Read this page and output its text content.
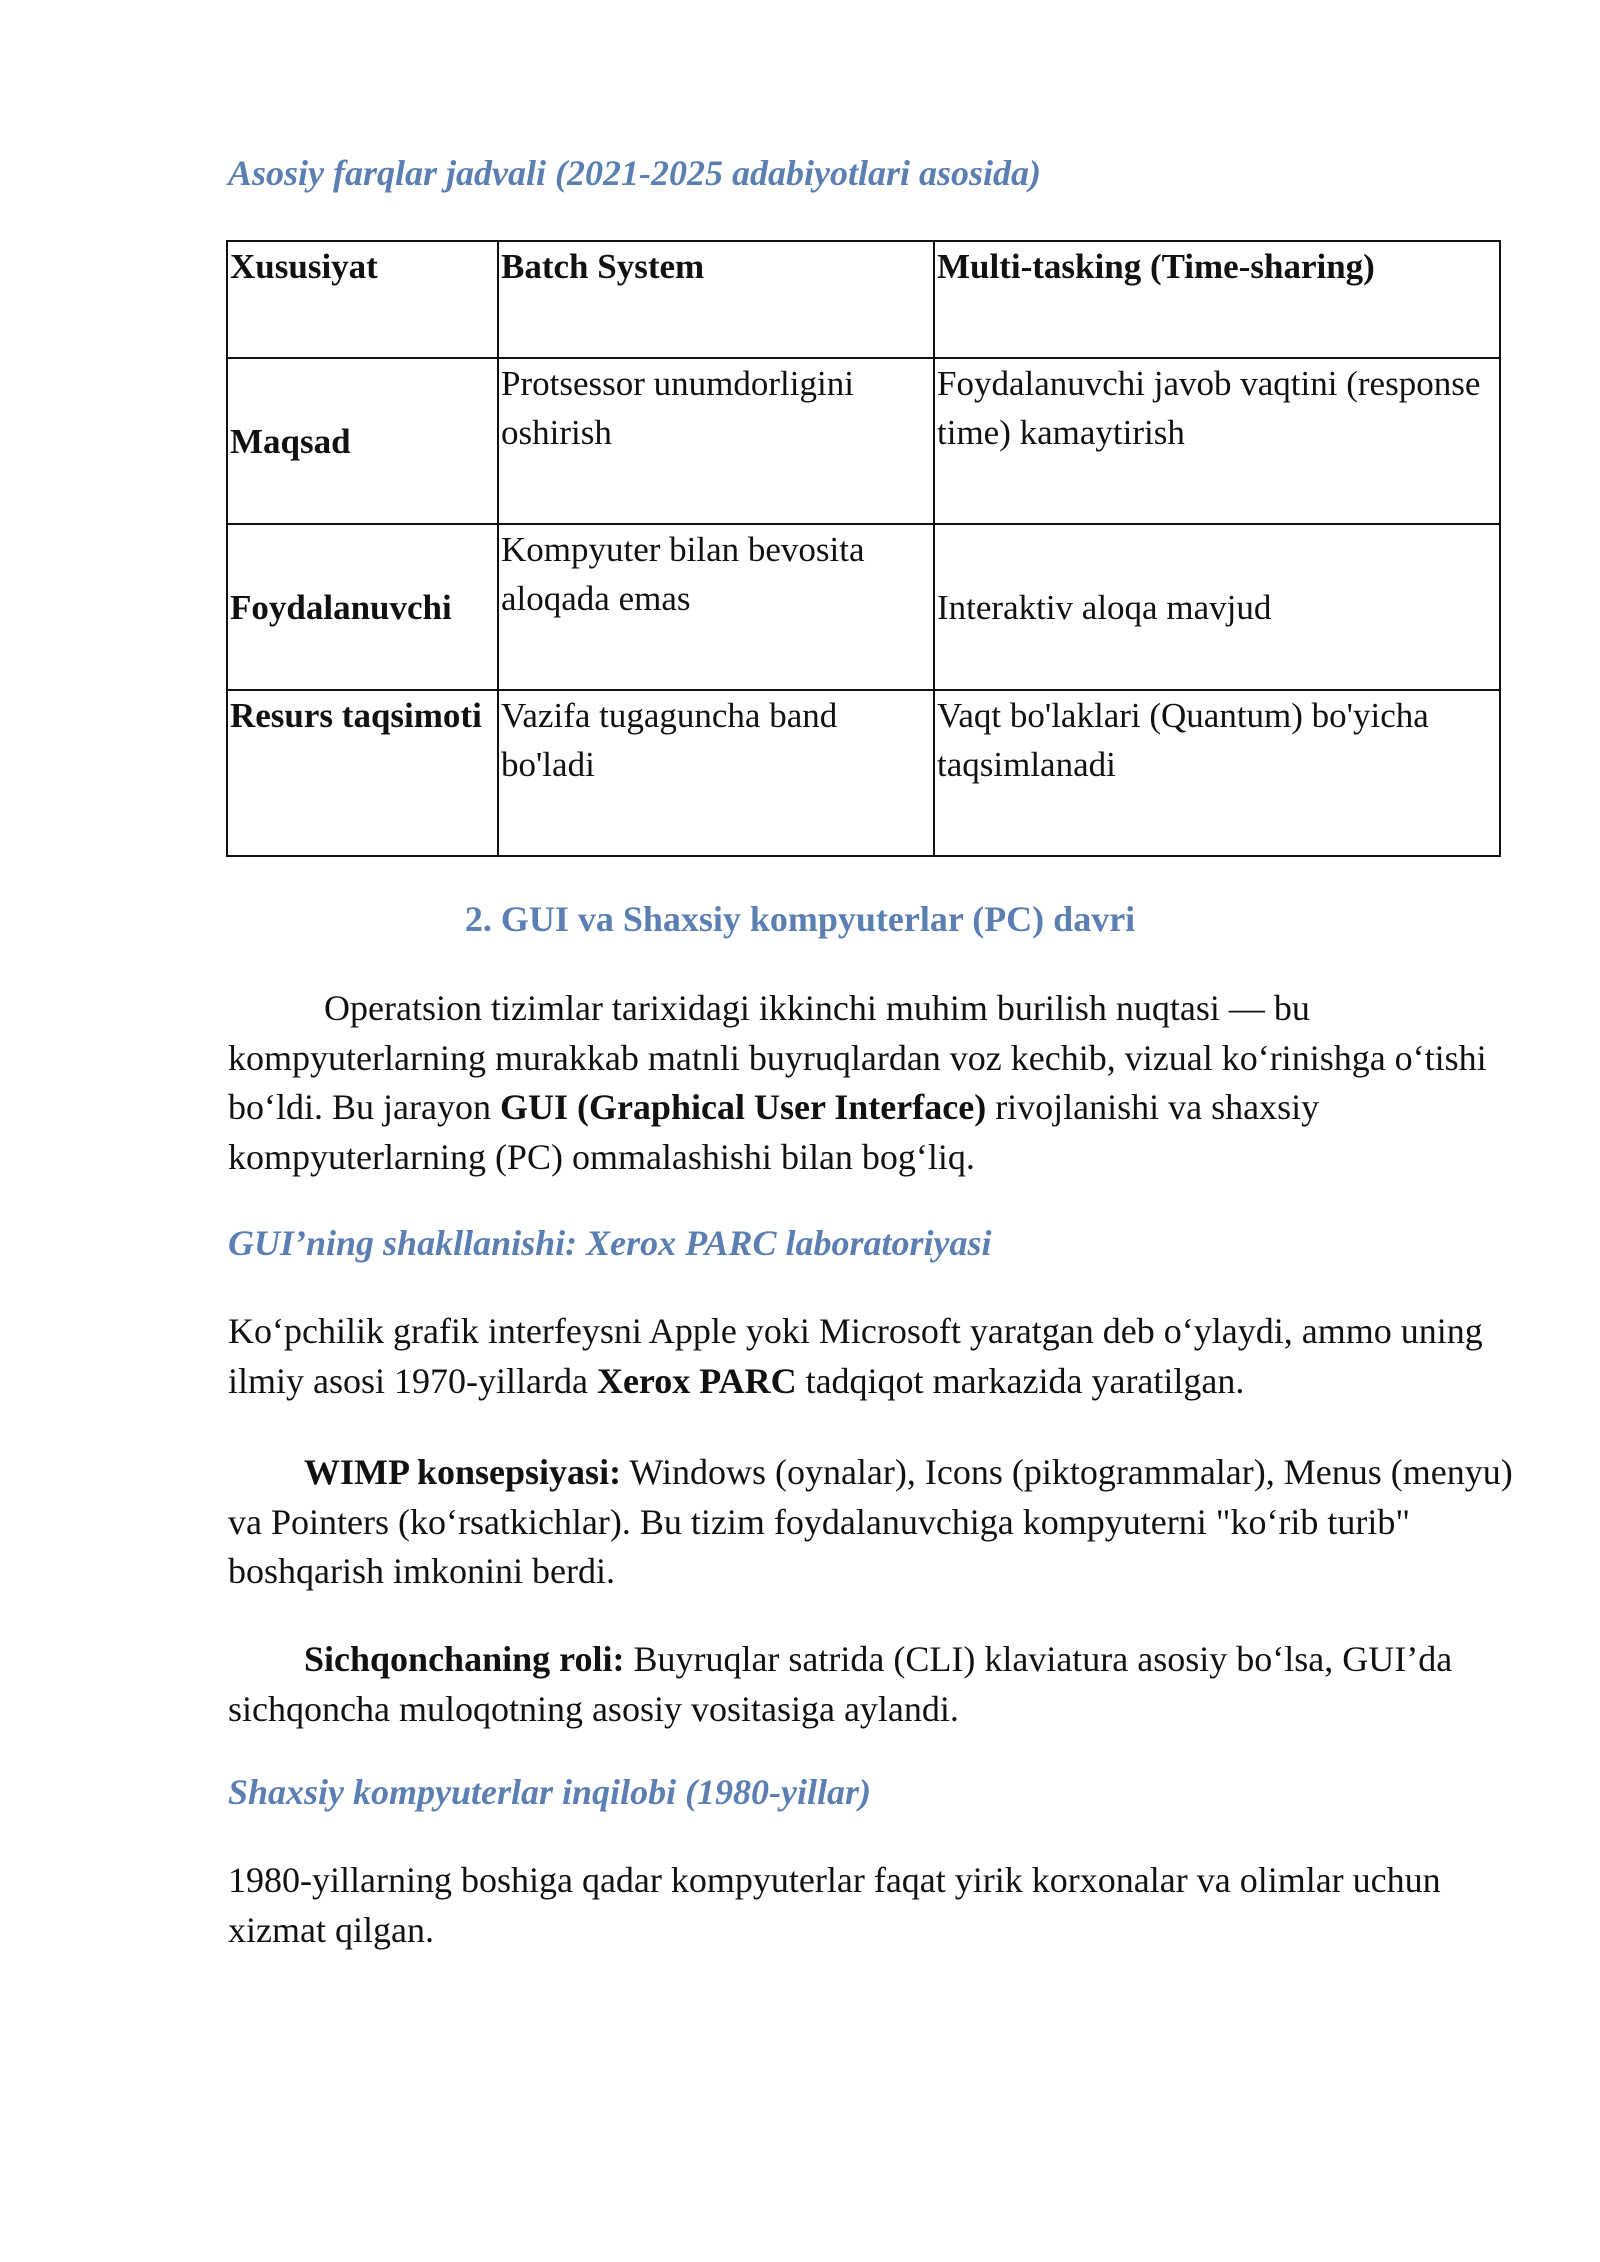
Asosiy farqlar jadvali (2021-2025 adabiyotlari asosida)
Xususiyat	Batch System	Multi-tasking (Time-sharing)
Maqsad	Protsessor unumdorligini oshirish	Foydalanuvchi javob vaqtini (response time) kamaytirish
Foydalanuvchi	Kompyuter bilan bevosita aloqada emas	Interaktiv aloqa mavjud
Resurs taqsimoti	Vazifa tugaguncha band bo'ladi	Vaqt bo'laklari (Quantum) bo'yicha taqsimlanadi
2. GUI va Shaxsiy kompyuterlar (PC) davri

Operatsion tizimlar tarixidagi ikkinchi muhim burilish nuqtasi — bu kompyuterlarning murakkab matnli buyruqlardan voz kechib, vizual ko‘rinishga o‘tishi bo‘ldi. Bu jarayon GUI (Graphical User Interface) rivojlanishi va shaxsiy kompyuterlarning (PC) ommalashishi bilan bog‘liq.

GUI’ning shakllanishi: Xerox PARC laboratoriyasi

Ko‘pchilik grafik interfeysni Apple yoki Microsoft yaratgan deb o‘ylaydi, ammo uning ilmiy asosi 1970-yillarda Xerox PARC tadqiqot markazida yaratilgan.

WIMP konsepsiyasi: Windows (oynalar), Icons (piktogrammalar), Menus (menyu) va Pointers (ko‘rsatkichlar). Bu tizim foydalanuvchiga kompyuterni "ko‘rib turib" boshqarish imkonini berdi.

Sichqonchaning roli: Buyruqlar satrida (CLI) klaviatura asosiy bo‘lsa, GUI’da sichqoncha muloqotning asosiy vositasiga aylandi.

Shaxsiy kompyuterlar inqilobi (1980-yillar)

1980-yillarning boshiga qadar kompyuterlar faqat yirik korxonalar va olimlar uchun xizmat qilgan.
